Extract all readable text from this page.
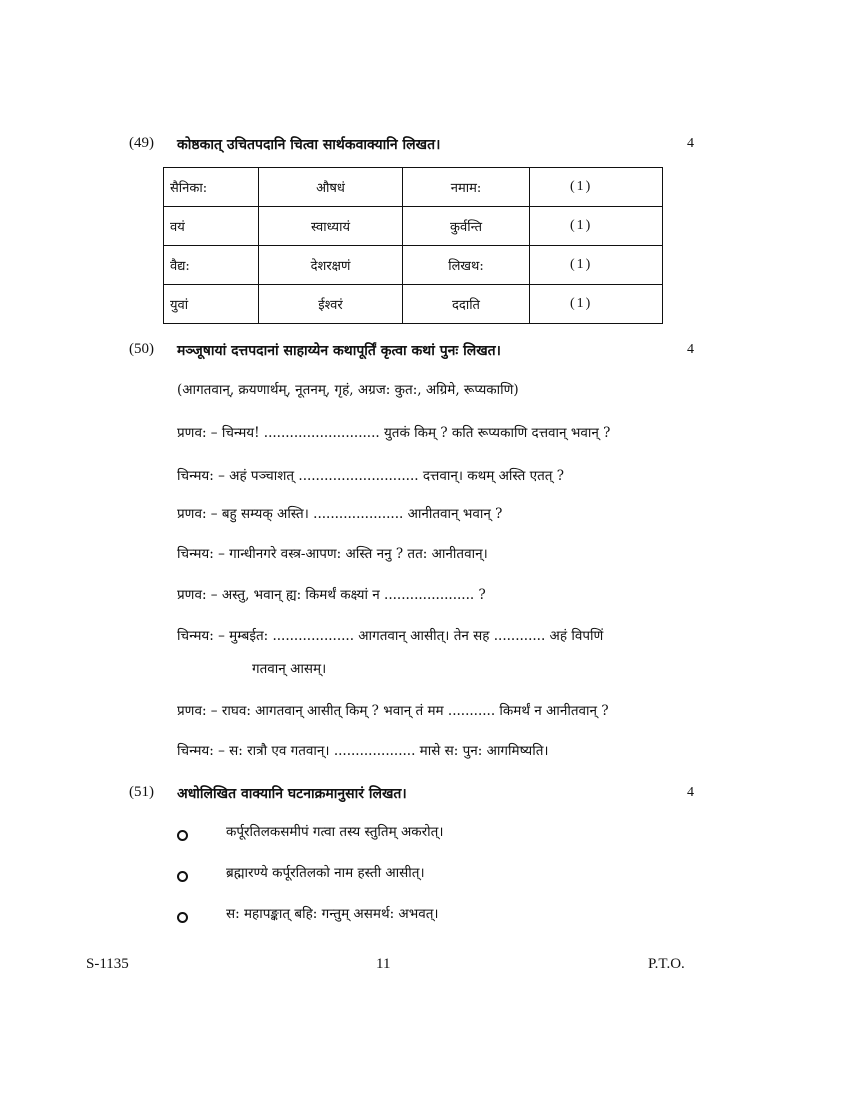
(49) कोष्ठकात् उचितपदानि चित्वा सार्थकवाक्यानि लिखत।	4
सैनिका:	औषधं	नमाम:	(1)
वयं	स्वाध्यायं	कुर्वन्ति	(1)
वैद्य:	देशरक्षणं	लिखथ:	(1)
युवां	ईश्वरं	ददाति	(1)
(50) मञ्जूषायां दत्तपदानां साहाय्येन कथापूर्तिं कृत्वा कथां पुनः लिखत।	4
(आगतवान्, क्रयणार्थम्, नूतनम्, गृहं, अग्रज: कुत:, अग्रिमे, रूप्यकाणि)
प्रणव: – चिन्मय! ........................... युतकं किम् ? कति रूप्यकाणि दत्तवान् भवान् ?
चिन्मय: – अहं पञ्चाशत् ............................ दत्तवान्। कथम् अस्ति एतत् ?
प्रणव: – बहु सम्यक् अस्ति। ..................... आनीतवान् भवान् ?
चिन्मय: – गान्धीनगरे वस्त्र-आपण: अस्ति ननु ? तत: आनीतवान्।
प्रणव: – अस्तु, भवान् ह्य: किमर्थं कक्ष्यां न ..................... ?
चिन्मय: – मुम्बईत: ................... आगतवान् आसीत्। तेन सह ............ अहं विपणिं
गतवान् आसम्।
प्रणव: – राघव: आगतवान् आसीत् किम् ? भवान् तं मम ........... किमर्थं न आनीतवान् ?
चिन्मय: – स: रात्रौ एव गतवान्। ................... मासे स: पुन: आगमिष्यति।
(51) अधोलिखित वाक्यानि घटनाक्रमानुसारं लिखत।	4
कर्पूरतिलकसमीपं गत्वा तस्य स्तुतिम् अकरोत्।
ब्रह्मारण्ये कर्पूरतिलको नाम हस्ती आसीत्।
स: महापङ्कात् बहि: गन्तुम् असमर्थ: अभवत्।
S-1135	11	P.T.O.
